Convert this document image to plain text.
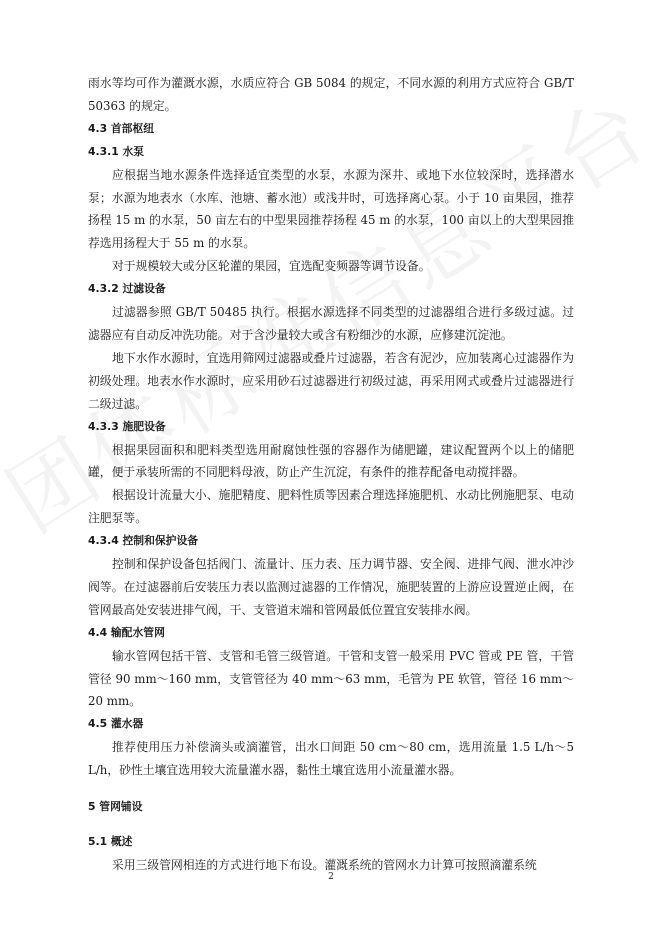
雨水等均可作为灌溉水源，水质应符合 GB 5084 的规定，不同水源的利用方式应符合 GB/T 50363 的规定。

4.3 首部枢纽

4.3.1 水泵

应根据当地水源条件选择适宜类型的水泵，水源为深井、或地下水位较深时，选择潜水泵；水源为地表水（水库、池塘、蓄水池）或浅井时，可选择离心泵。小于 10 亩果园，推荐扬程 15 m 的水泵，50 亩左右的中型果园推荐扬程 45 m 的水泵，100 亩以上的大型果园推荐选用扬程大于 55 m 的水泵。

对于规模较大或分区轮灌的果园，宜选配变频器等调节设备。

4.3.2 过滤设备

过滤器参照 GB/T 50485 执行。根据水源选择不同类型的过滤器组合进行多级过滤。过滤器应有自动反冲洗功能。对于含沙量较大或含有粉细沙的水源，应修建沉淀池。

地下水作水源时，宜选用筛网过滤器或叠片过滤器，若含有泥沙，应加装离心过滤器作为初级处理。地表水作水源时，应采用砂石过滤器进行初级过滤，再采用网式或叠片过滤器进行二级过滤。

4.3.3 施肥设备

根据果园面积和肥料类型选用耐腐蚀性强的容器作为储肥罐，建议配置两个以上的储肥罐，便于承装所需的不同肥料母液，防止产生沉淀，有条件的推荐配备电动搅拌器。

根据设计流量大小、施肥精度、肥料性质等因素合理选择施肥机、水动比例施肥泵、电动注肥泵等。

4.3.4 控制和保护设备

控制和保护设备包括阀门、流量计、压力表、压力调节器、安全阀、进排气阀、泄水冲沙阀等。在过滤器前后安装压力表以监测过滤器的工作情况，施肥装置的上游应设置逆止阀，在管网最高处安装进排气阀，干、支管道末端和管网最低位置宜安装排水阀。

4.4 输配水管网

输水管网包括干管、支管和毛管三级管道。干管和支管一般采用 PVC 管或 PE 管，干管管径 90 mm～160 mm，支管管径为 40 mm～63 mm，毛管为 PE 软管，管径 16 mm～20 mm。

4.5 灌水器

推荐使用压力补偿滴头或滴灌管，出水口间距 50 cm～80 cm，选用流量 1.5 L/h～5 L/h，砂性土壤宜选用较大流量灌水器，黏性土壤宜选用小流量灌水器。

5 管网铺设

5.1 概述

采用三级管网相连的方式进行地下布设。灌溉系统的管网水力计算可按照滴灌系统

2
